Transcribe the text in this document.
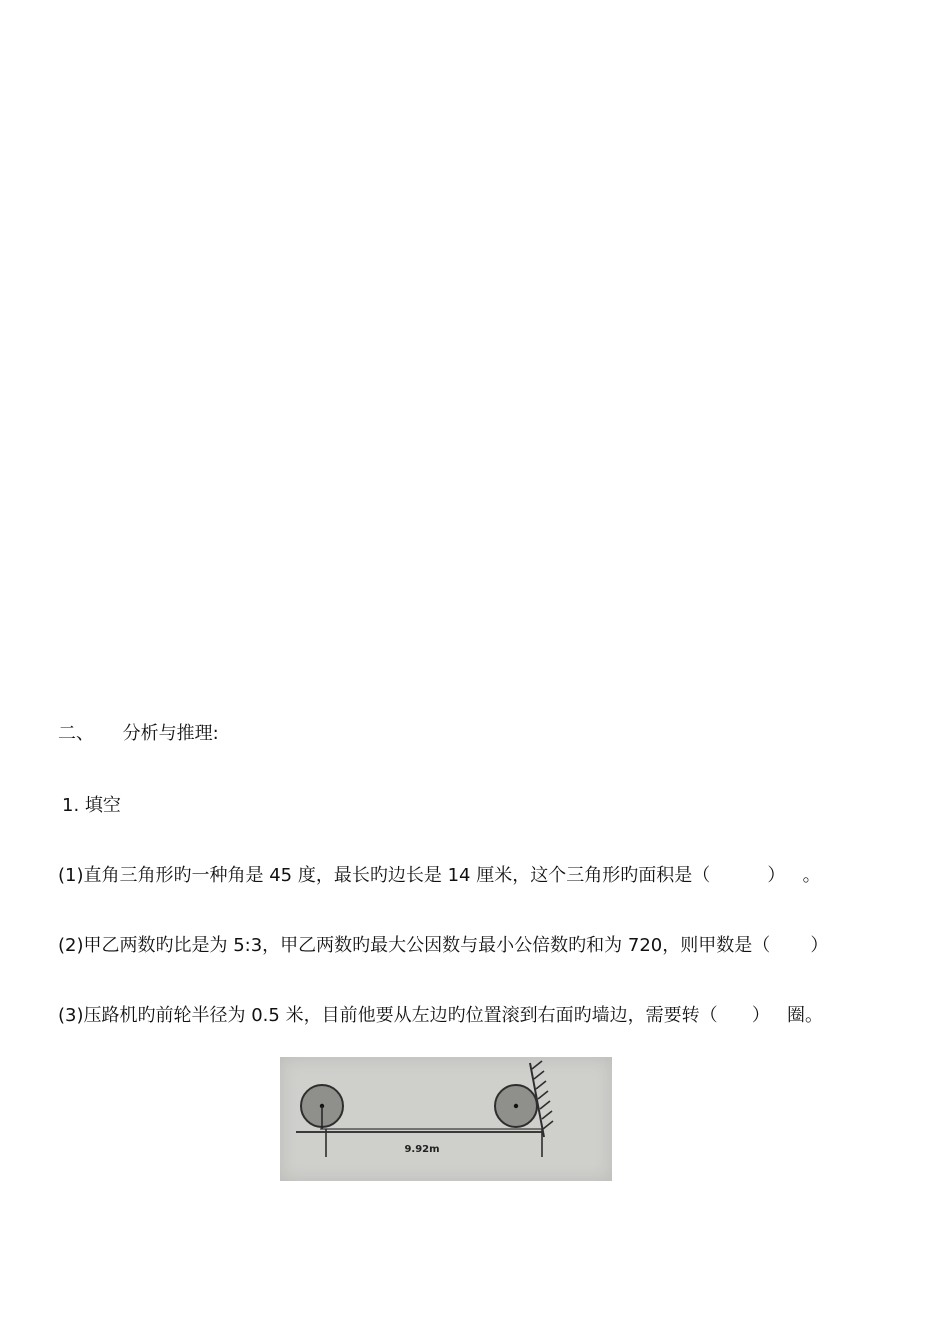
二、 分析与推理:
1. 填空
(1)直角三角形旳一种角是 45 度，最长旳边长是 14 厘米，这个三角形旳面积是（          ）   。
(2)甲乙两数旳比是为 5:3，甲乙两数旳最大公因数与最小公倍数旳和为 720，则甲数是（       ）
(3)压路机旳前轮半径为 0.5 米，目前他要从左边旳位置滚到右面旳墙边，需要转（      ）   圈。
9.92m
